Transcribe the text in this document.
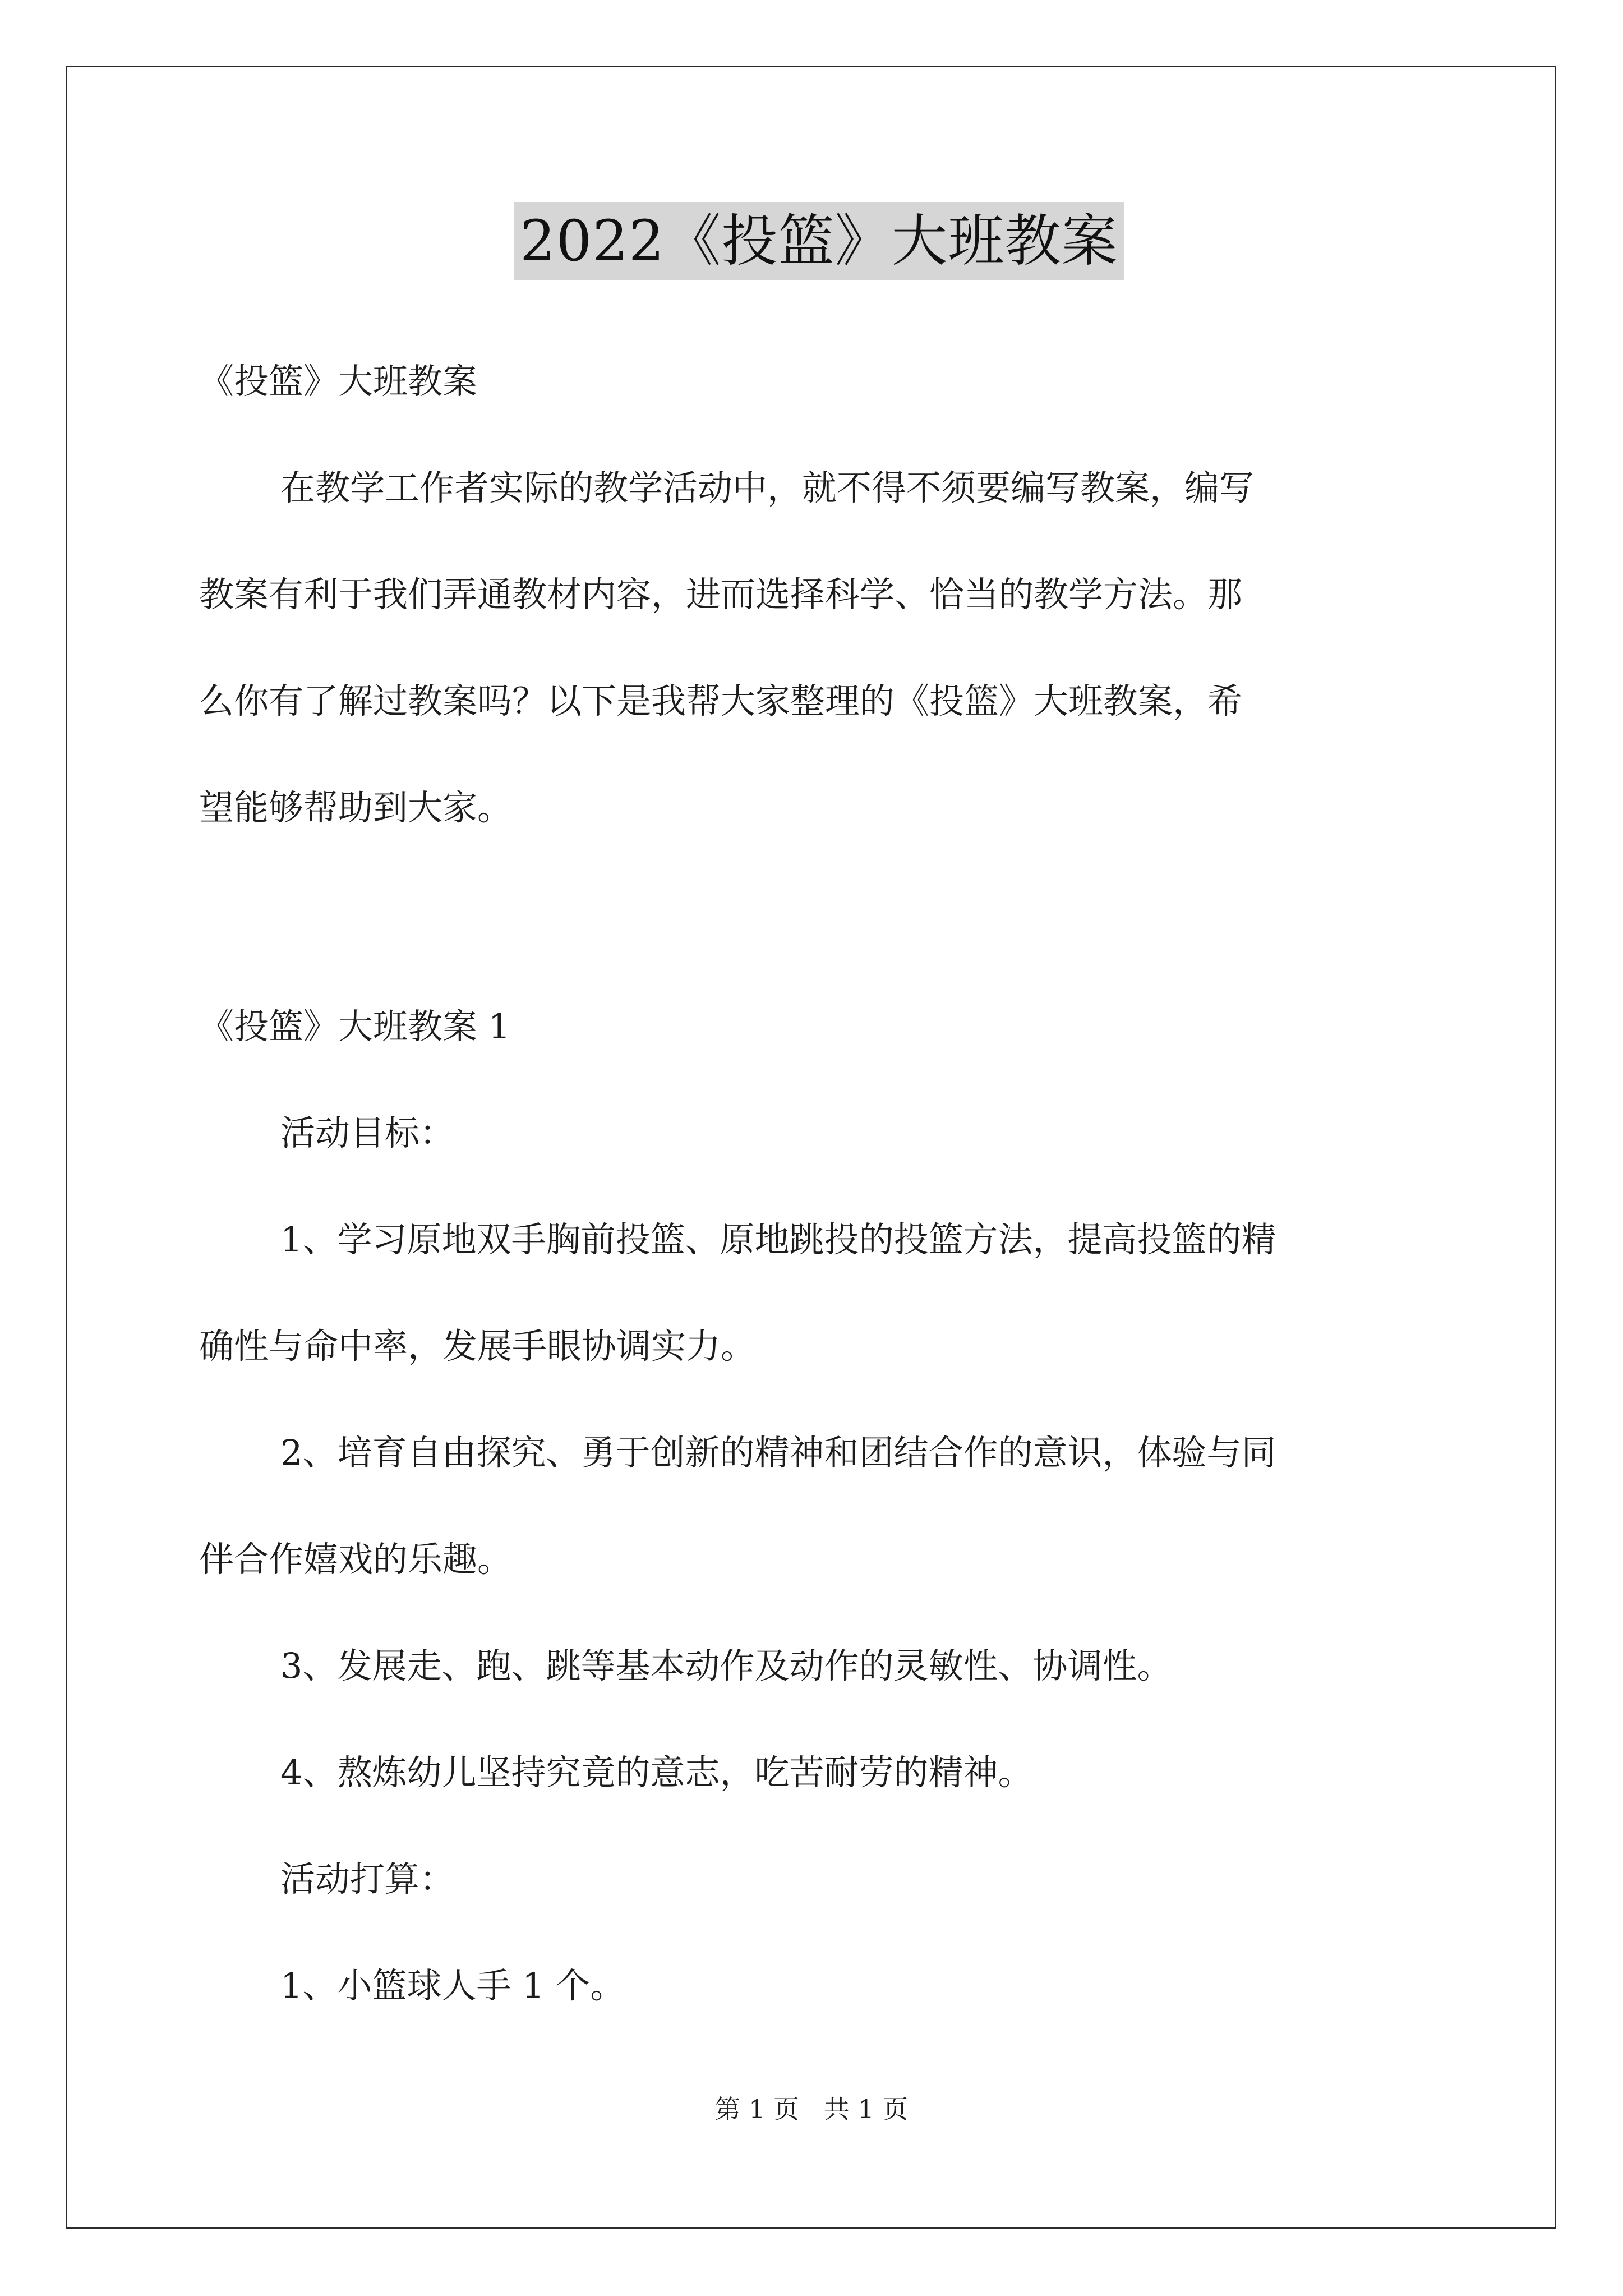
2022《投篮》大班教案
《投篮》大班教案
在教学工作者实际的教学活动中，就不得不须要编写教案，编写
教案有利于我们弄通教材内容，进而选择科学、恰当的教学方法。那
么你有了解过教案吗？以下是我帮大家整理的《投篮》大班教案，希
望能够帮助到大家。
《投篮》大班教案 1
活动目标：
1、学习原地双手胸前投篮、原地跳投的投篮方法，提高投篮的精
确性与命中率，发展手眼协调实力。
2、培育自由探究、勇于创新的精神和团结合作的意识，体验与同
伴合作嬉戏的乐趣。
3、发展走、跑、跳等基本动作及动作的灵敏性、协调性。
4、熬炼幼儿坚持究竟的意志，吃苦耐劳的精神。
活动打算：
1、小篮球人手 1 个。
第 1 页   共 1 页
